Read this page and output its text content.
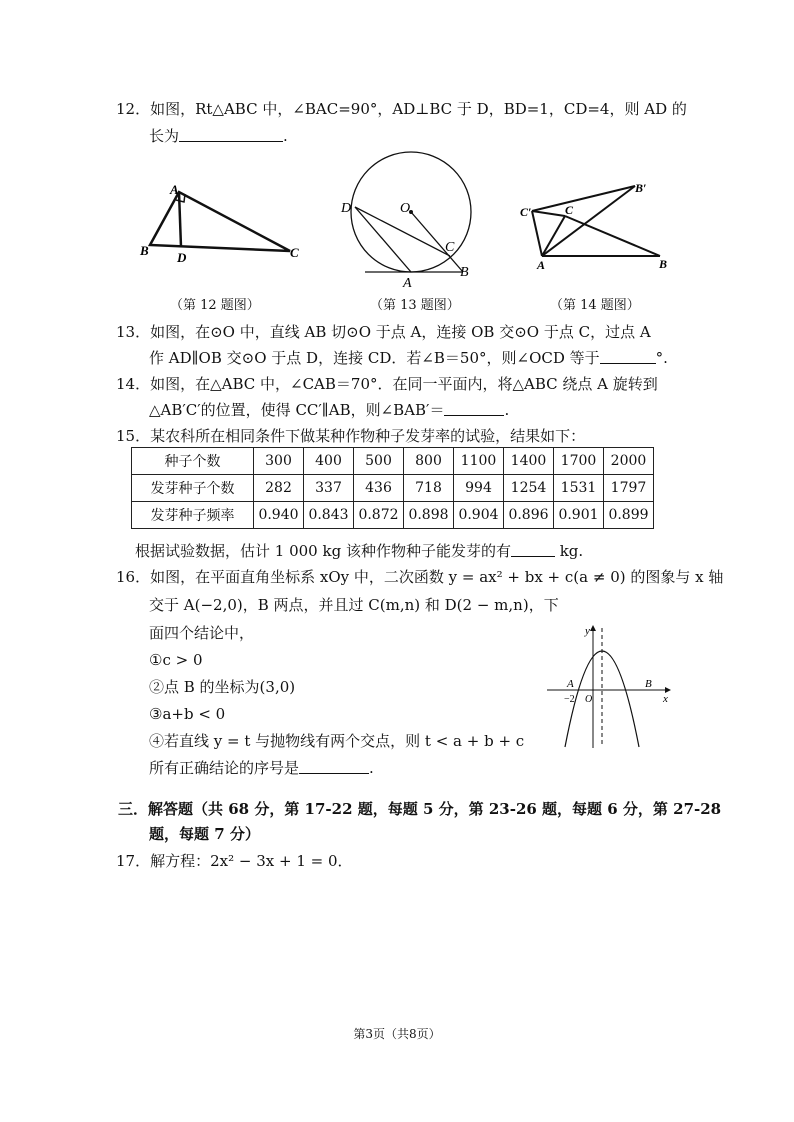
12．如图，Rt△ABC 中，∠BAC=90°，AD⊥BC 于 D，BD=1，CD=4，则 AD 的
长为	.
A
B D	C
D	O
C
B
A
C′	C
B′
A	B
（第 12 题图）	（第 13 题图）	（第 14 题图）
13．如图，在⊙O 中，直线 AB 切⊙O 于点 A，连接 OB 交⊙O 于点 C，过点 A
作 AD∥OB 交⊙O 于点 D，连接 CD．若∠B＝50°，则∠OCD 等于	°.
14．如图，在△ABC 中，∠CAB＝70°．在同一平面内，将△ABC 绕点 A 旋转到
△AB′C′的位置，使得 CC′∥AB，则∠BAB′＝	.
15．某农科所在相同条件下做某种作物种子发芽率的试验，结果如下：
种子个数	300	400	500	800	1100	1400	1700	2000
发芽种子个数	282	337	436	718	994	1254	1531	1797
发芽种子频率	0.940	0.843	0.872	0.898	0.904	0.896	0.901	0.899
根据试验数据，估计 1 000 kg 该种作物种子能发芽的有	kg.
16．如图，在平面直角坐标系 xOy 中，二次函数 y = ax² + bx + c(a ≠ 0) 的图象与 x 轴
交于 A(−2,0)，B 两点，并且过 C(m,n) 和 D(2 − m,n)，下
面四个结论中，
①c > 0
②点 B 的坐标为(3,0)
③a+b < 0
④若直线 y = t 与抛物线有两个交点，则 t < a + b + c
所有正确结论的序号是	.
y
x
A
−2 O
B
三．解答题（共 68 分，第 17-22 题，每题 5 分，第 23-26 题，每题 6 分，第 27-28
题，每题 7 分）
17．解方程：2x² − 3x + 1 = 0．
第3页（共8页）
